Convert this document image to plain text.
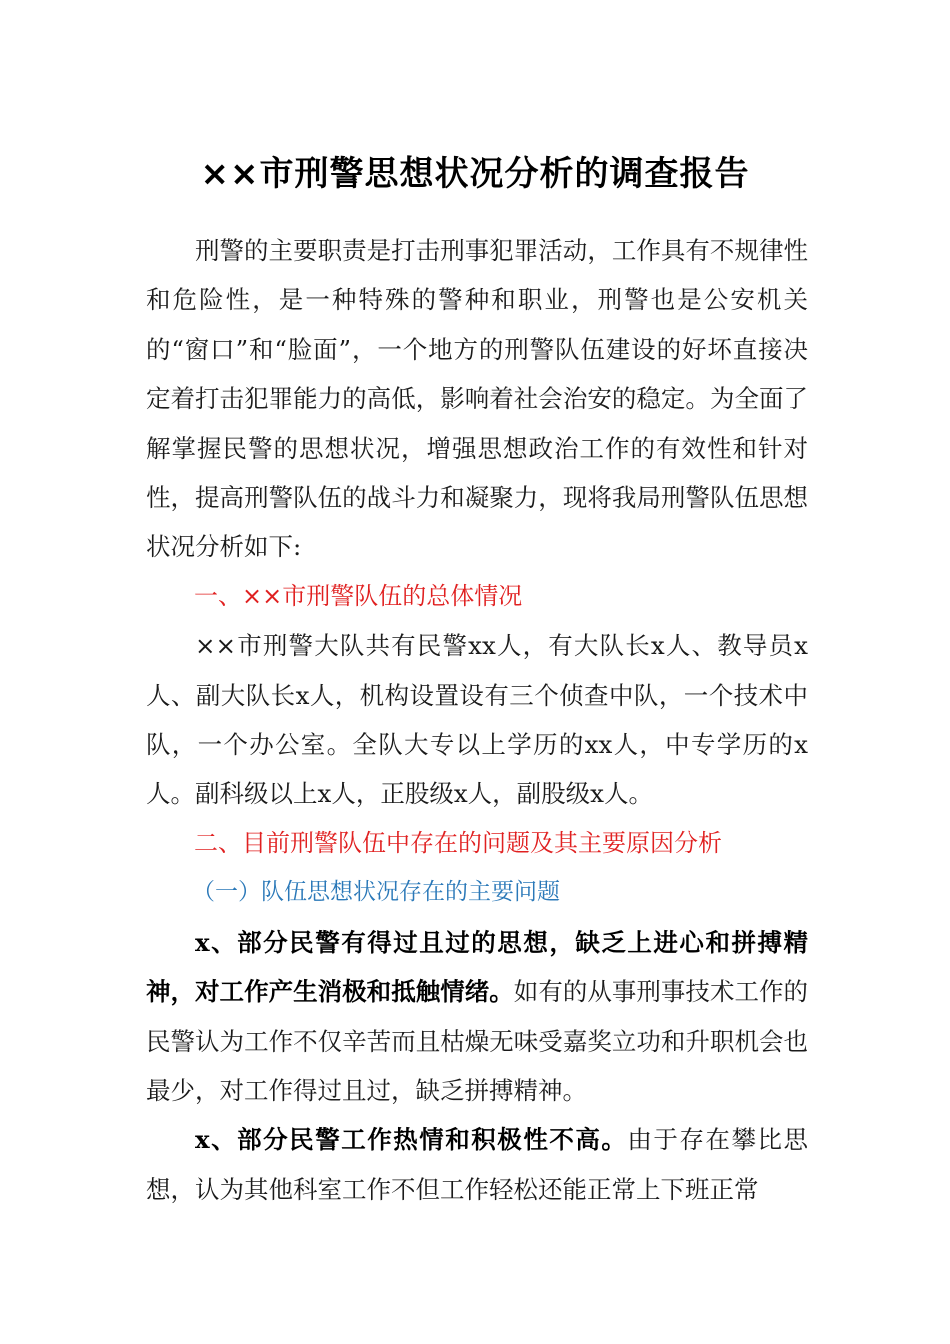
××市刑警思想状况分析的调查报告

刑警的主要职责是打击刑事犯罪活动，工作具有不规律性和危险性，是一种特殊的警种和职业，刑警也是公安机关的“窗口”和“脸面”，一个地方的刑警队伍建设的好坏直接决定着打击犯罪能力的高低，影响着社会治安的稳定。为全面了解掌握民警的思想状况，增强思想政治工作的有效性和针对性，提高刑警队伍的战斗力和凝聚力，现将我局刑警队伍思想状况分析如下:

一、××市刑警队伍的总体情况

××市刑警大队共有民警xx人，有大队长x人、教导员x人、副大队长x人，机构设置设有三个侦查中队，一个技术中队，一个办公室。全队大专以上学历的xx人，中专学历的x人。副科级以上x人，正股级x人，副股级x人。

二、目前刑警队伍中存在的问题及其主要原因分析

（一）队伍思想状况存在的主要问题

x、部分民警有得过且过的思想，缺乏上进心和拼搏精神，对工作产生消极和抵触情绪。如有的从事刑事技术工作的民警认为工作不仅辛苦而且枯燥无味受嘉奖立功和升职机会也最少，对工作得过且过，缺乏拼搏精神。

x、部分民警工作热情和积极性不高。由于存在攀比思想，认为其他科室工作不但工作轻松还能正常上下班正常
